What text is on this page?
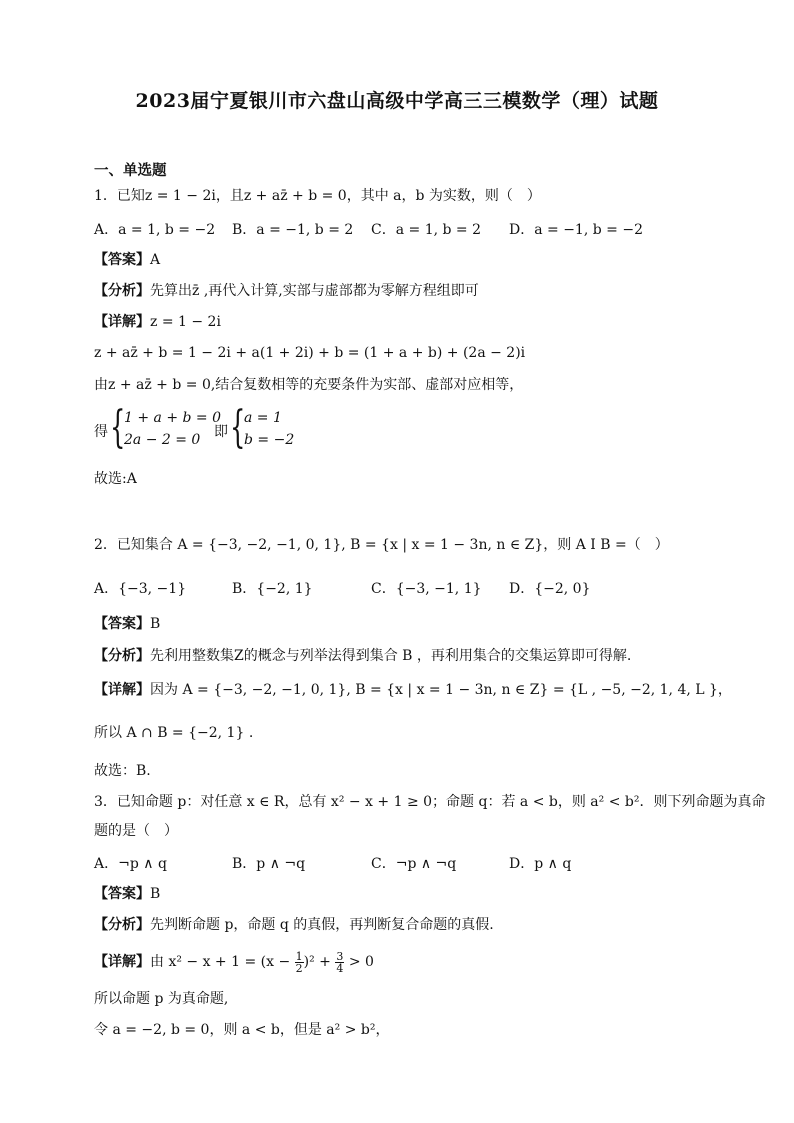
2023届宁夏银川市六盘山高级中学高三三模数学（理）试题
一、单选题
1．已知z = 1 − 2i，且z + az̄ + b = 0，其中 a，b 为实数，则（　）
A．a = 1, b = −2 B．a = −1, b = 2 C．a = 1, b = 2 D．a = −1, b = −2
【答案】A
【分析】先算出z̄ ,再代入计算,实部与虚部都为零解方程组即可
【详解】z = 1 − 2i
z + az̄ + b = 1 − 2i + a(1 + 2i) + b = (1 + a + b) + (2a − 2)i
由z + az̄ + b = 0,结合复数相等的充要条件为实部、虚部对应相等，
得 {
1 + a + b = 0
2a − 2 = 0 即 {
a = 1
b = −2
故选:A
2．已知集合 A = {−3, −2, −1, 0, 1}, B = {x | x = 1 − 3n, n ∈ Z}，则 A I B =（　）
A．{−3, −1}	B．{−2, 1}	C．{−3, −1, 1} D．{−2, 0}
【答案】B
【分析】先利用整数集Z的概念与列举法得到集合 B ，再利用集合的交集运算即可得解.
【详解】因为 A = {−3, −2, −1, 0, 1}, B = {x | x = 1 − 3n, n ∈ Z} = {L , −5, −2, 1, 4, L }，
所以 A ∩ B = {−2, 1} .
故选：B.
3．已知命题 p：对任意 x ∈ R，总有 x² − x + 1 ≥ 0；命题 q：若 a < b，则 a² < b²．则下列命题为真命
题的是（　）
A．¬p ∧ q	B．p ∧ ¬q	C．¬p ∧ ¬q	D．p ∧ q
【答案】B
【分析】先判断命题 p，命题 q 的真假，再判断复合命题的真假.
【详解】由 $x^2 - x + 1 = (x - \frac{1}{2} )^2 + \frac{3}{4} > 0$
所以命题 p 为真命题,
令 a = −2, b = 0，则 a < b，但是 a² > b²，
